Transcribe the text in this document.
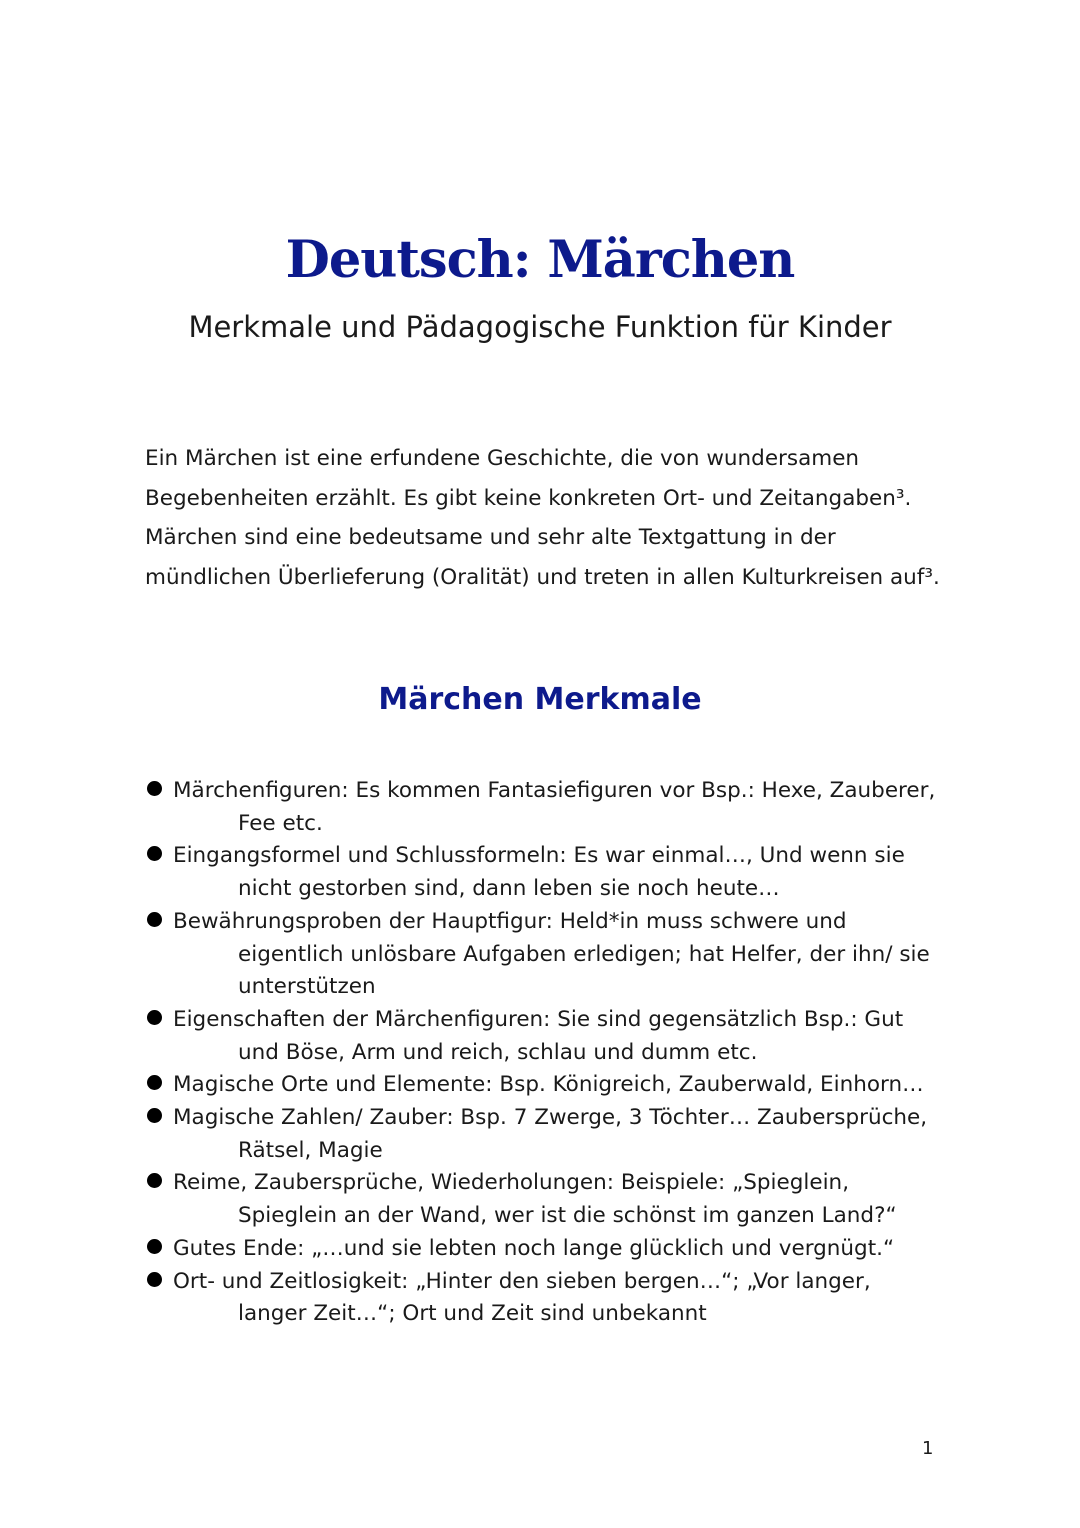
Deutsch: Märchen

Merkmale und Pädagogische Funktion für Kinder

Ein Märchen ist eine erfundene Geschichte, die von wundersamen
Begebenheiten erzählt. Es gibt keine konkreten Ort- und Zeitangaben³.
Märchen sind eine bedeutsame und sehr alte Textgattung in der
mündlichen Überlieferung (Oralität) und treten in allen Kulturkreisen auf³.

Märchen Merkmale
Märchenfiguren: Es kommen Fantasiefiguren vor Bsp.: Hexe, Zauberer,
Fee etc.
Eingangsformel und Schlussformeln: Es war einmal…, Und wenn sie
nicht gestorben sind, dann leben sie noch heute…
Bewährungsproben der Hauptfigur: Held*in muss schwere und
eigentlich unlösbare Aufgaben erledigen; hat Helfer, der ihn/ sie
unterstützen
Eigenschaften der Märchenfiguren: Sie sind gegensätzlich Bsp.: Gut
und Böse, Arm und reich, schlau und dumm etc.
Magische Orte und Elemente: Bsp. Königreich, Zauberwald, Einhorn…
Magische Zahlen/ Zauber: Bsp. 7 Zwerge, 3 Töchter… Zaubersprüche,
Rätsel, Magie
Reime, Zaubersprüche, Wiederholungen: Beispiele: „Spieglein,
Spieglein an der Wand, wer ist die schönst im ganzen Land?“
Gutes Ende: „…und sie lebten noch lange glücklich und vergnügt.“
Ort- und Zeitlosigkeit: „Hinter den sieben bergen…“; „Vor langer,
langer Zeit…“; Ort und Zeit sind unbekannt

1
